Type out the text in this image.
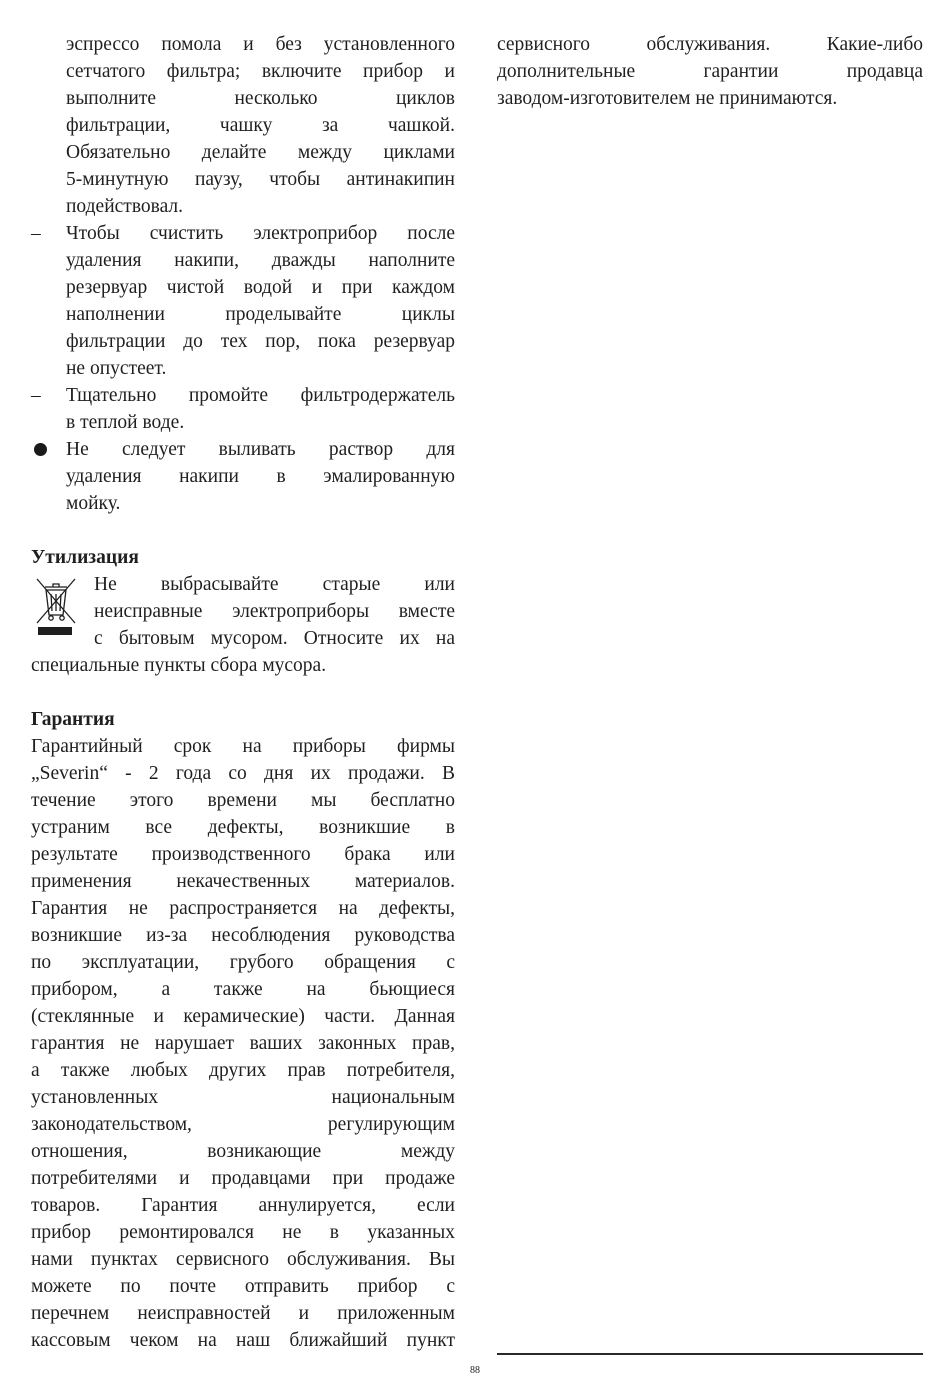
эспрессо помола и без установленного
сетчатого фильтра; включите прибор и
выполните несколько циклов
фильтрации, чашку за чашкой.
Обязательно делайте между циклами
5-минутную паузу, чтобы антинакипин
подействовал.
–	Чтобы счистить электроприбор после
удаления накипи, дважды наполните
резервуар чистой водой и при каждом
наполнении проделывайте циклы
фильтрации до тех пор, пока резервуар
не опустеет.
–	Тщательно промойте фильтродержатель
в теплой воде.
Не следует выливать раствор для
удаления накипи в эмалированную
мойку.
Утилизация
Не выбрасывайте старые или
неисправные электроприборы вместе
с бытовым мусором. Относите их на
специальные пункты сбора мусора.
Гарантия
Гарантийный срок на приборы фирмы
„Severin“ - 2 года со дня их продажи. В
течение этого времени мы бесплатно
устраним все дефекты, возникшие в
результате производственного брака или
применения некачественных материалов.
Гарантия не распространяется на дефекты,
возникшие из-за несоблюдения руководства
по эксплуатации, грубого обращения с
прибором, а также на бьющиеся
(стеклянные и керамические) части. Данная
гарантия не нарушает ваших законных прав,
а также любых других прав потребителя,
установленных национальным
законодательством, регулирующим
отношения, возникающие между
потребителями и продавцами при продаже
товаров. Гарантия аннулируется, если
прибор ремонтировался не в указанных
нами пунктах сервисного обслуживания. Вы
можете по почте отправить прибор с
перечнем неисправностей и приложенным
кассовым чеком на наш ближайший пункт
сервисного обслуживания. Какие-либо
дополнительные гарантии продавца
заводом-изготовителем не принимаются.
88
